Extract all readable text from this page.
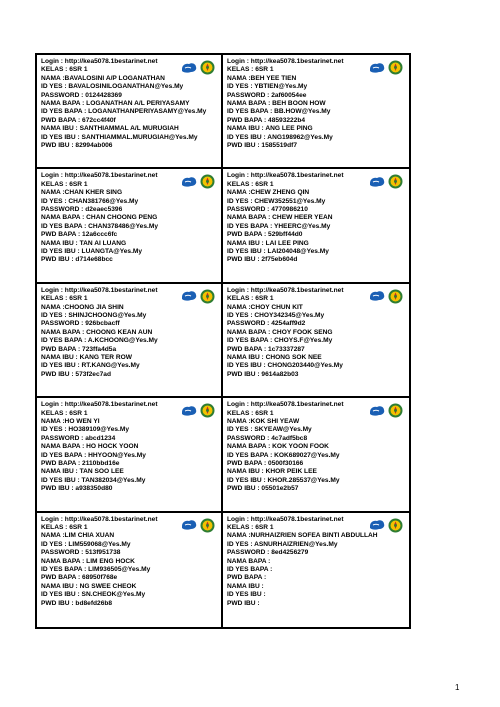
Login : http://kea5078.1bestarinet.net
KELAS : 6SR 1
NAMA :BAVALOSINI A/P LOGANATHAN
ID YES : BAVALOSINILOGANATHAN@Yes.My
PASSWORD : 0124428369
NAMA BAPA : LOGANATHAN A/L PERIYASAMY
ID YES BAPA : LOGANATHANPERIYASAMY@Yes.My
PWD BAPA : 672cc4f40f
NAMA IBU : SANTHIAMMAL A/L MURUGIAH
ID YES IBU : SANTHIAMMAL.MURUGIAH@Yes.My
PWD IBU : 82994ab006
Login : http://kea5078.1bestarinet.net
KELAS : 6SR 1
NAMA :BEH YEE TIEN
ID YES : YBTIEN@Yes.My
PASSWORD : 2af60054ee
NAMA BAPA : BEH BOON HOW
ID YES BAPA : BB.HOW@Yes.My
PWD BAPA : 48593222b4
NAMA IBU : ANG LEE PING
ID YES IBU : ANG198962@Yes.My
PWD IBU : 1585519df7
Login : http://kea5078.1bestarinet.net
KELAS : 6SR 1
NAMA :CHAN KHER SING
ID YES : CHAN381766@Yes.My
PASSWORD : d2eaec5396
NAMA BAPA : CHAN CHOONG PENG
ID YES BAPA : CHAN378486@Yes.My
PWD BAPA : 12a6ccc6fc
NAMA IBU : TAN AI LUANG
ID YES IBU : LUANGTA@Yes.My
PWD IBU : d714e68bcc
Login : http://kea5078.1bestarinet.net
KELAS : 6SR 1
NAMA :CHEW ZHENG QIN
ID YES : CHEW352551@Yes.My
PASSWORD : 4770986210
NAMA BAPA : CHEW HEER YEAN
ID YES BAPA : YHEERC@Yes.My
PWD BAPA : 529bff44d0
NAMA IBU : LAI LEE PING
ID YES IBU : LAI204048@Yes.My
PWD IBU : 2f75eb604d
Login : http://kea5078.1bestarinet.net
KELAS : 6SR 1
NAMA :CHOONG JIA SHIN
ID YES : SHINJCHOONG@Yes.My
PASSWORD : 926bcbacff
NAMA BAPA : CHOONG KEAN AUN
ID YES BAPA : A.KCHOONG@Yes.My
PWD BAPA : 723ffa4d5a
NAMA IBU : KANG TER ROW
ID YES IBU : RT.KANG@Yes.My
PWD IBU : 573f2ec7ad
Login : http://kea5078.1bestarinet.net
KELAS : 6SR 1
NAMA :CHOY CHUN KIT
ID YES : CHOY342345@Yes.My
PASSWORD : 4254aff9d2
NAMA BAPA : CHOY FOOK SENG
ID YES BAPA : CHOYS.F@Yes.My
PWD BAPA : 1c73337287
NAMA IBU : CHONG SOK NEE
ID YES IBU : CHONG203440@Yes.My
PWD IBU : 9614a82b03
Login : http://kea5078.1bestarinet.net
KELAS : 6SR 1
NAMA :HO WEN YI
ID YES : HO389109@Yes.My
PASSWORD : abcd1234
NAMA BAPA : HO HOCK YOON
ID YES BAPA : HHYOON@Yes.My
PWD BAPA : 2110bbd16e
NAMA IBU : TAN SOO LEE
ID YES IBU : TAN382034@Yes.My
PWD IBU : a938350d80
Login : http://kea5078.1bestarinet.net
KELAS : 6SR 1
NAMA :KOK SHI YEAW
ID YES : SKYEAW@Yes.My
PASSWORD : 4c7adf5bc8
NAMA BAPA : KOK YOON FOOK
ID YES BAPA : KOK689027@Yes.My
PWD BAPA : 0500f30166
NAMA IBU : KHOR PEIK LEE
ID YES IBU : KHOR.285537@Yes.My
PWD IBU : 05501e2b57
Login : http://kea5078.1bestarinet.net
KELAS : 6SR 1
NAMA :LIM CHIA XUAN
ID YES : LIM559068@Yes.My
PASSWORD : 513f951738
NAMA BAPA : LIM ENG HOCK
ID YES BAPA : LIM936505@Yes.My
PWD BAPA : 68950f768e
NAMA IBU : NG SWEE CHEOK
ID YES IBU : SN.CHEOK@Yes.My
PWD IBU : bd8efd26b8
Login : http://kea5078.1bestarinet.net
KELAS : 6SR 1
NAMA :NURHAIZRIEN SOFEA BINTI ABDULLAH
ID YES : ASNURHAIZRIEN@Yes.My
PASSWORD : 8ed4256279
NAMA BAPA :
ID YES BAPA :
PWD BAPA :
NAMA IBU :
ID YES IBU :
PWD IBU :
1
